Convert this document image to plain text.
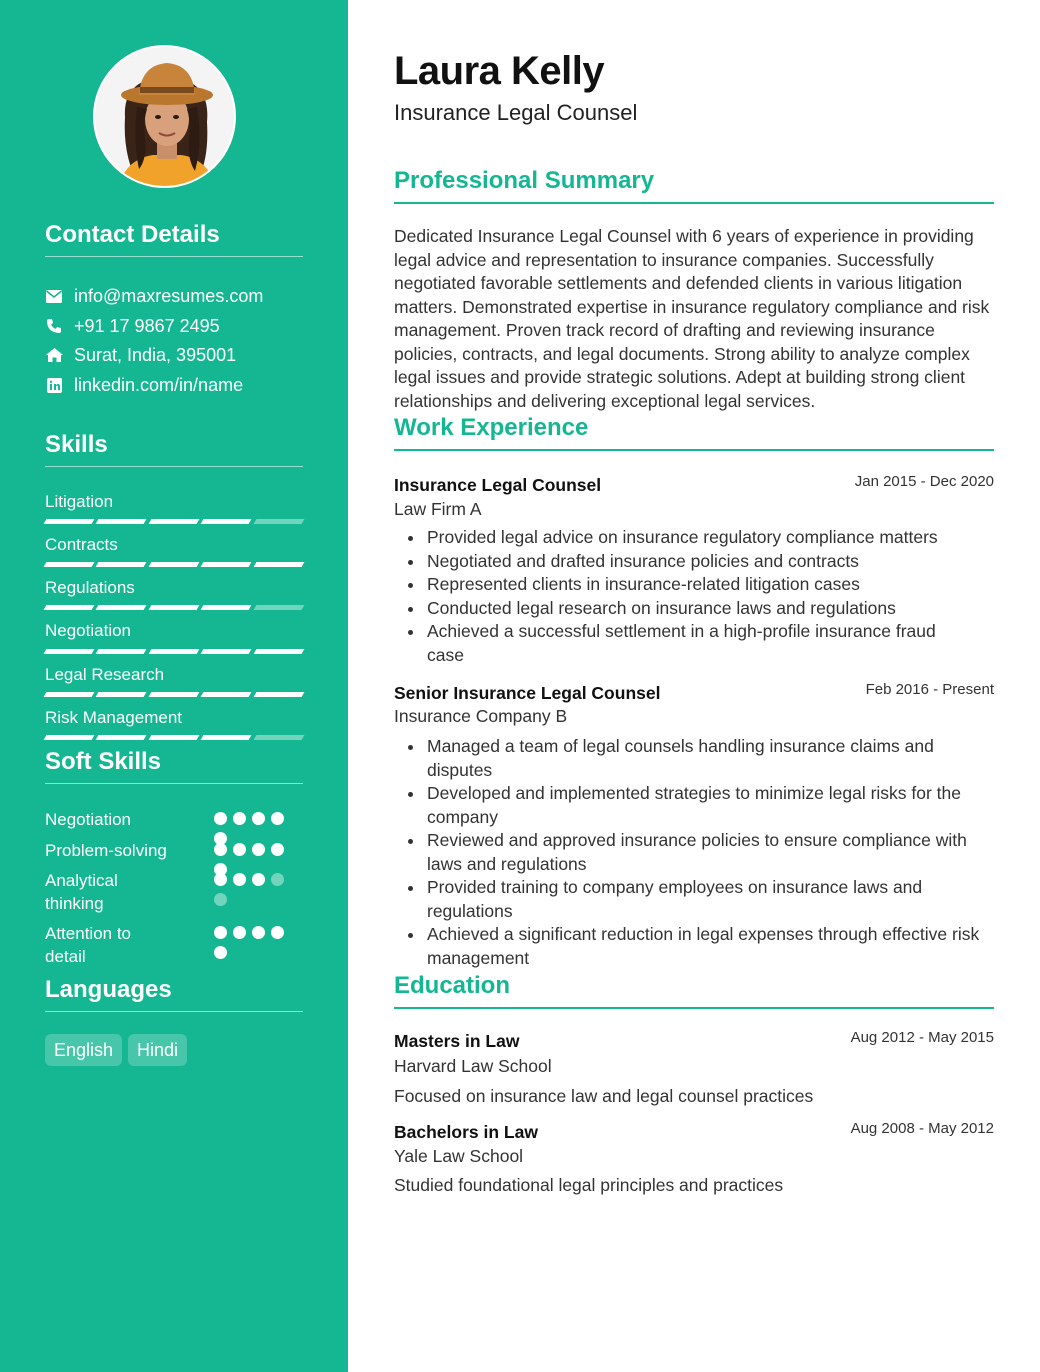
Contact Details
info@maxresumes.com
+91 17 9867 2495
Surat, India, 395001
linkedin.com/in/name
Skills
Litigation
Contracts
Regulations
Negotiation
Legal Research
Risk Management
Soft Skills
Negotiation
Problem-solving
Analytical thinking
Attention to detail
Languages
English	Hindi
Laura Kelly
Insurance Legal Counsel
Professional Summary
Dedicated Insurance Legal Counsel with 6 years of experience in providing legal advice and representation to insurance companies. Successfully negotiated favorable settlements and defended clients in various litigation matters. Demonstrated expertise in insurance regulatory compliance and risk management. Proven track record of drafting and reviewing insurance policies, contracts, and legal documents. Strong ability to analyze complex legal issues and provide strategic solutions. Adept at building strong client relationships and delivering exceptional legal services.
Work Experience
Insurance Legal Counsel	Jan 2015 - Dec 2020
Law Firm A
Provided legal advice on insurance regulatory compliance matters
Negotiated and drafted insurance policies and contracts
Represented clients in insurance-related litigation cases
Conducted legal research on insurance laws and regulations
Achieved a successful settlement in a high-profile insurance fraud case
Senior Insurance Legal Counsel	Feb 2016 - Present
Insurance Company B
Managed a team of legal counsels handling insurance claims and disputes
Developed and implemented strategies to minimize legal risks for the company
Reviewed and approved insurance policies to ensure compliance with laws and regulations
Provided training to company employees on insurance laws and regulations
Achieved a significant reduction in legal expenses through effective risk management
Education
Masters in Law	Aug 2012 - May 2015
Harvard Law School
Focused on insurance law and legal counsel practices
Bachelors in Law	Aug 2008 - May 2012
Yale Law School
Studied foundational legal principles and practices
